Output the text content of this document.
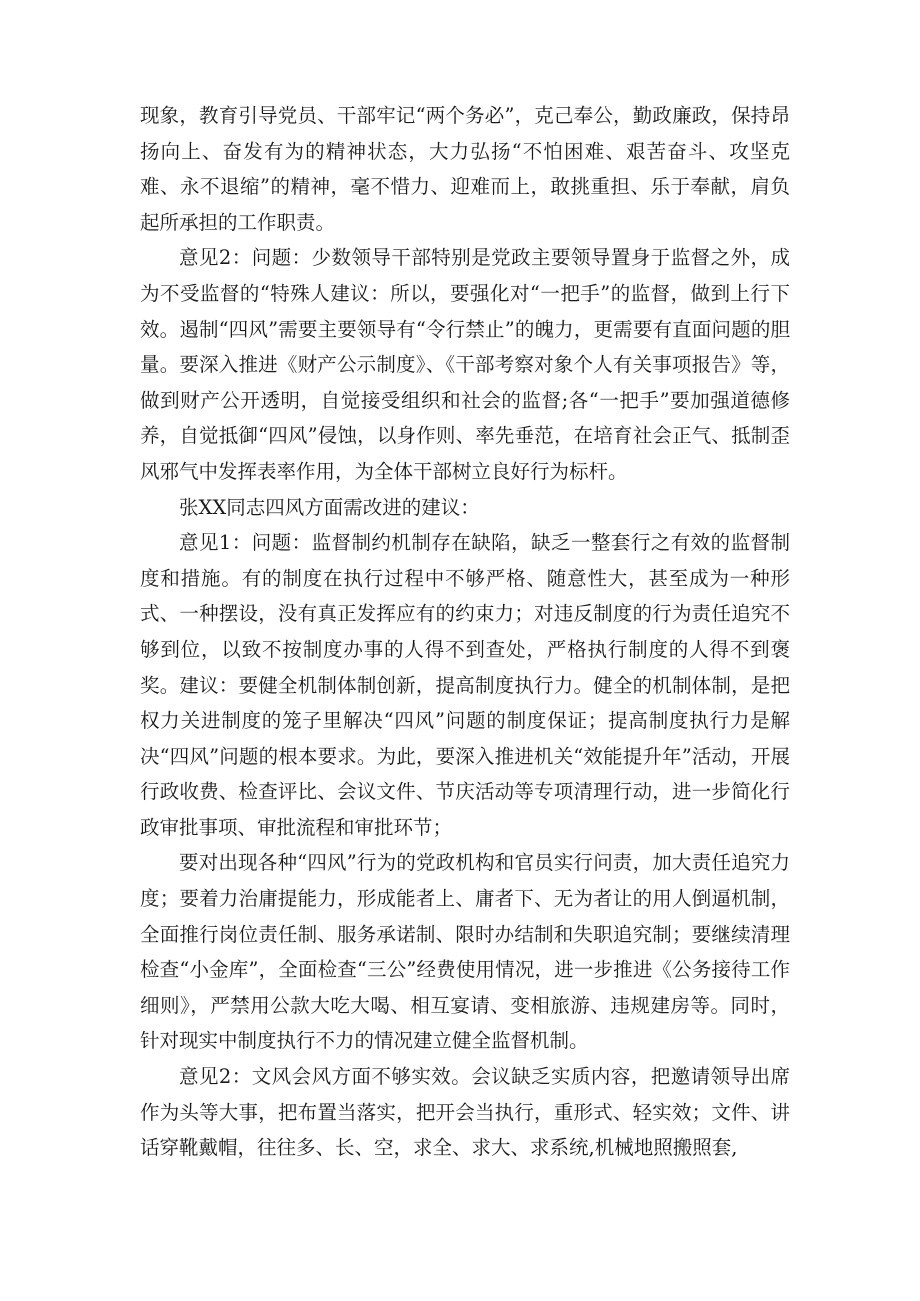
现象，教育引导党员、干部牢记“两个务必”，克己奉公，勤政廉政，保持昂扬向上、奋发有为的精神状态，大力弘扬“不怕困难、艰苦奋斗、攻坚克难、永不退缩”的精神，毫不惜力、迎难而上，敢挑重担、乐于奉献，肩负起所承担的工作职责。

意见2：问题：少数领导干部特别是党政主要领导置身于监督之外，成为不受监督的“特殊人建议：所以，要强化对“一把手”的监督，做到上行下效。遏制“四风”需要主要领导有“令行禁止”的魄力，更需要有直面问题的胆量。要深入推进《财产公示制度》、《干部考察对象个人有关事项报告》等，做到财产公开透明，自觉接受组织和社会的监督;各“一把手”要加强道德修养，自觉抵御“四风”侵蚀，以身作则、率先垂范，在培育社会正气、抵制歪风邪气中发挥表率作用，为全体干部树立良好行为标杆。

张XX同志四风方面需改进的建议：

意见1：问题：监督制约机制存在缺陷，缺乏一整套行之有效的监督制度和措施。有的制度在执行过程中不够严格、随意性大，甚至成为一种形式、一种摆设，没有真正发挥应有的约束力；对违反制度的行为责任追究不够到位，以致不按制度办事的人得不到查处，严格执行制度的人得不到褒奖。建议：要健全机制体制创新，提高制度执行力。健全的机制体制，是把权力关进制度的笼子里解决“四风”问题的制度保证；提高制度执行力是解决“四风”问题的根本要求。为此，要深入推进机关“效能提升年”活动，开展行政收费、检查评比、会议文件、节庆活动等专项清理行动，进一步简化行政审批事项、审批流程和审批环节；

要对出现各种“四风”行为的党政机构和官员实行问责，加大责任追究力度；要着力治庸提能力，形成能者上、庸者下、无为者让的用人倒逼机制，全面推行岗位责任制、服务承诺制、限时办结制和失职追究制；要继续清理检查“小金库”，全面检查“三公”经费使用情况，进一步推进《公务接待工作细则》，严禁用公款大吃大喝、相互宴请、变相旅游、违规建房等。同时，针对现实中制度执行不力的情况建立健全监督机制。

意见2：文风会风方面不够实效。会议缺乏实质内容，把邀请领导出席作为头等大事，把布置当落实，把开会当执行，重形式、轻实效；文件、讲话穿靴戴帽，往往多、长、空，求全、求大、求系统,机械地照搬照套,
